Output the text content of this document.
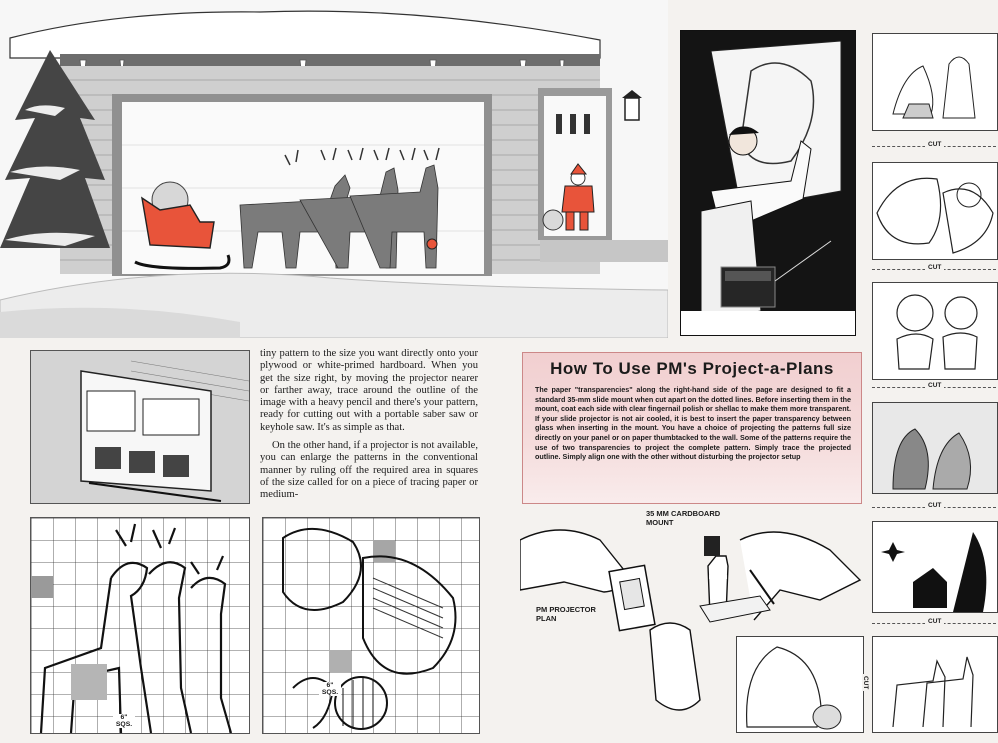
CUT
CUT
CUT
CUT
CUT
CUT

tiny pattern to the size you want directly onto your plywood or white-primed hardboard. When you get the size right, by moving the projector nearer or farther away, trace around the outline of the image with a heavy pencil and there's your pattern, ready for cutting out with a portable saber saw or keyhole saw. It's as simple as that.

On the other hand, if a projector is not available, you can enlarge the patterns in the conventional manner by ruling off the required area in squares of the size called for on a piece of tracing paper or medium-

6" SQS.
6" SQS.
How To Use PM's Project-a-Plans
The paper "transparencies" along the right-hand side of the page are designed to fit a standard 35-mm slide mount when cut apart on the dotted lines. Before inserting them in the mount, coat each side with clear fingernail polish or shellac to make them more transparent. If your slide projector is not air cooled, it is best to insert the paper transparency between glass when inserting in the mount. You have a choice of projecting the patterns full size directly on your panel or on paper thumbtacked to the wall. Some of the patterns require the use of two transparencies to project the complete pattern. Simply trace the projected outline. Simply align one with the other without disturbing the projector setup
35 MM CARDBOARD MOUNT
PM PROJECTOR PLAN
NAIL POLISH
